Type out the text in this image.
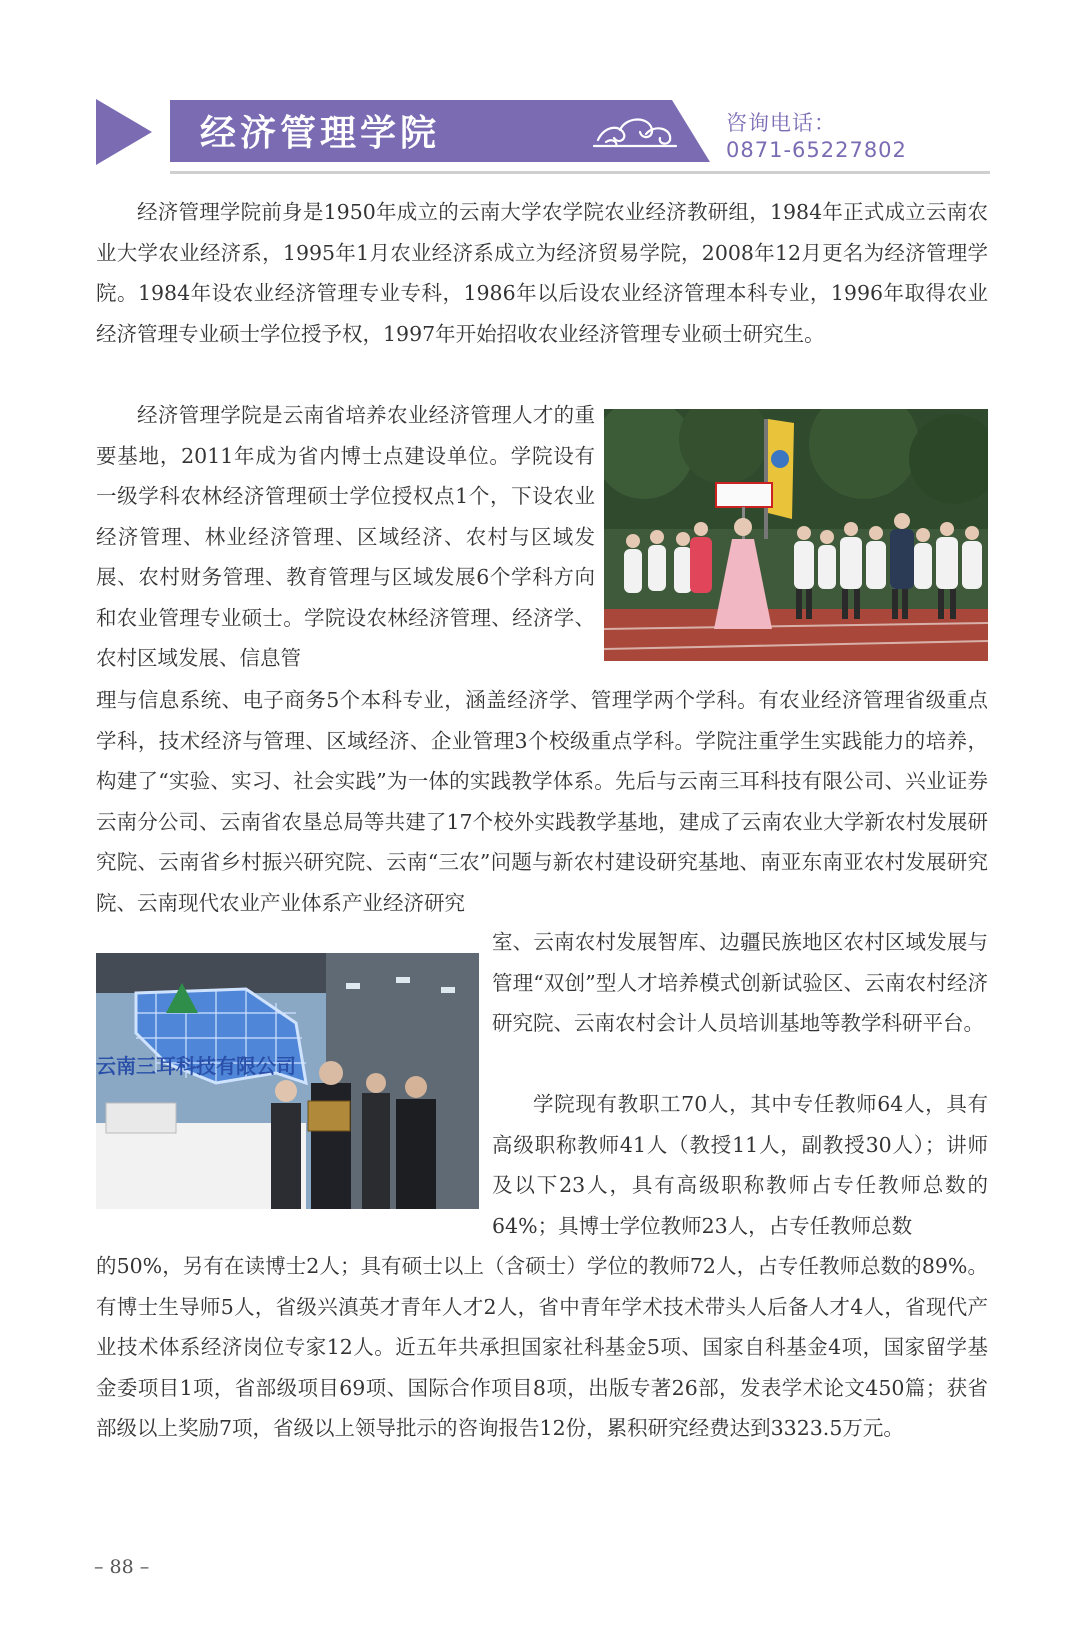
经济管理学院	咨询电话：
0871-65227802

经济管理学院前身是1950年成立的云南大学农学院农业经济教研组，1984年正式成立云南农业大学农业经济系，1995年1月农业经济系成立为经济贸易学院，2008年12月更名为经济管理学院。1984年设农业经济管理专业专科，1986年以后设农业经济管理本科专业，1996年取得农业经济管理专业硕士学位授予权，1997年开始招收农业经济管理专业硕士研究生。

经济管理学院是云南省培养农业经济管理人才的重要基地，2011年成为省内博士点建设单位。学院设有一级学科农林经济管理硕士学位授权点1个，下设农业经济管理、林业经济管理、区域经济、农村与区域发展、农村财务管理、教育管理与区域发展6个学科方向和农业管理专业硕士。学院设农林经济管理、经济学、农村区域发展、信息管

理与信息系统、电子商务5个本科专业，涵盖经济学、管理学两个学科。有农业经济管理省级重点学科，技术经济与管理、区域经济、企业管理3个校级重点学科。学院注重学生实践能力的培养，构建了“实验、实习、社会实践”为一体的实践教学体系。先后与云南三耳科技有限公司、兴业证券云南分公司、云南省农垦总局等共建了17个校外实践教学基地，建成了云南农业大学新农村发展研究院、云南省乡村振兴研究院、云南“三农”问题与新农村建设研究基地、南亚东南亚农村发展研究院、云南现代农业产业体系产业经济研究

云南三耳科技有限公司

室、云南农村发展智库、边疆民族地区农村区域发展与管理“双创”型人才培养模式创新试验区、云南农村经济研究院、云南农村会计人员培训基地等教学科研平台。

学院现有教职工70人，其中专任教师64人，具有高级职称教师41人（教授11人，副教授30人）；讲师及以下23人，具有高级职称教师占专任教师总数的64%；具博士学位教师23人，占专任教师总数

的50%，另有在读博士2人；具有硕士以上（含硕士）学位的教师72人，占专任教师总数的89%。有博士生导师5人，省级兴滇英才青年人才2人，省中青年学术技术带头人后备人才4人，省现代产业技术体系经济岗位专家12人。近五年共承担国家社科基金5项、国家自科基金4项，国家留学基金委项目1项，省部级项目69项、国际合作项目8项，出版专著26部，发表学术论文450篇；获省部级以上奖励7项，省级以上领导批示的咨询报告12份，累积研究经费达到3323.5万元。

– 88 –
